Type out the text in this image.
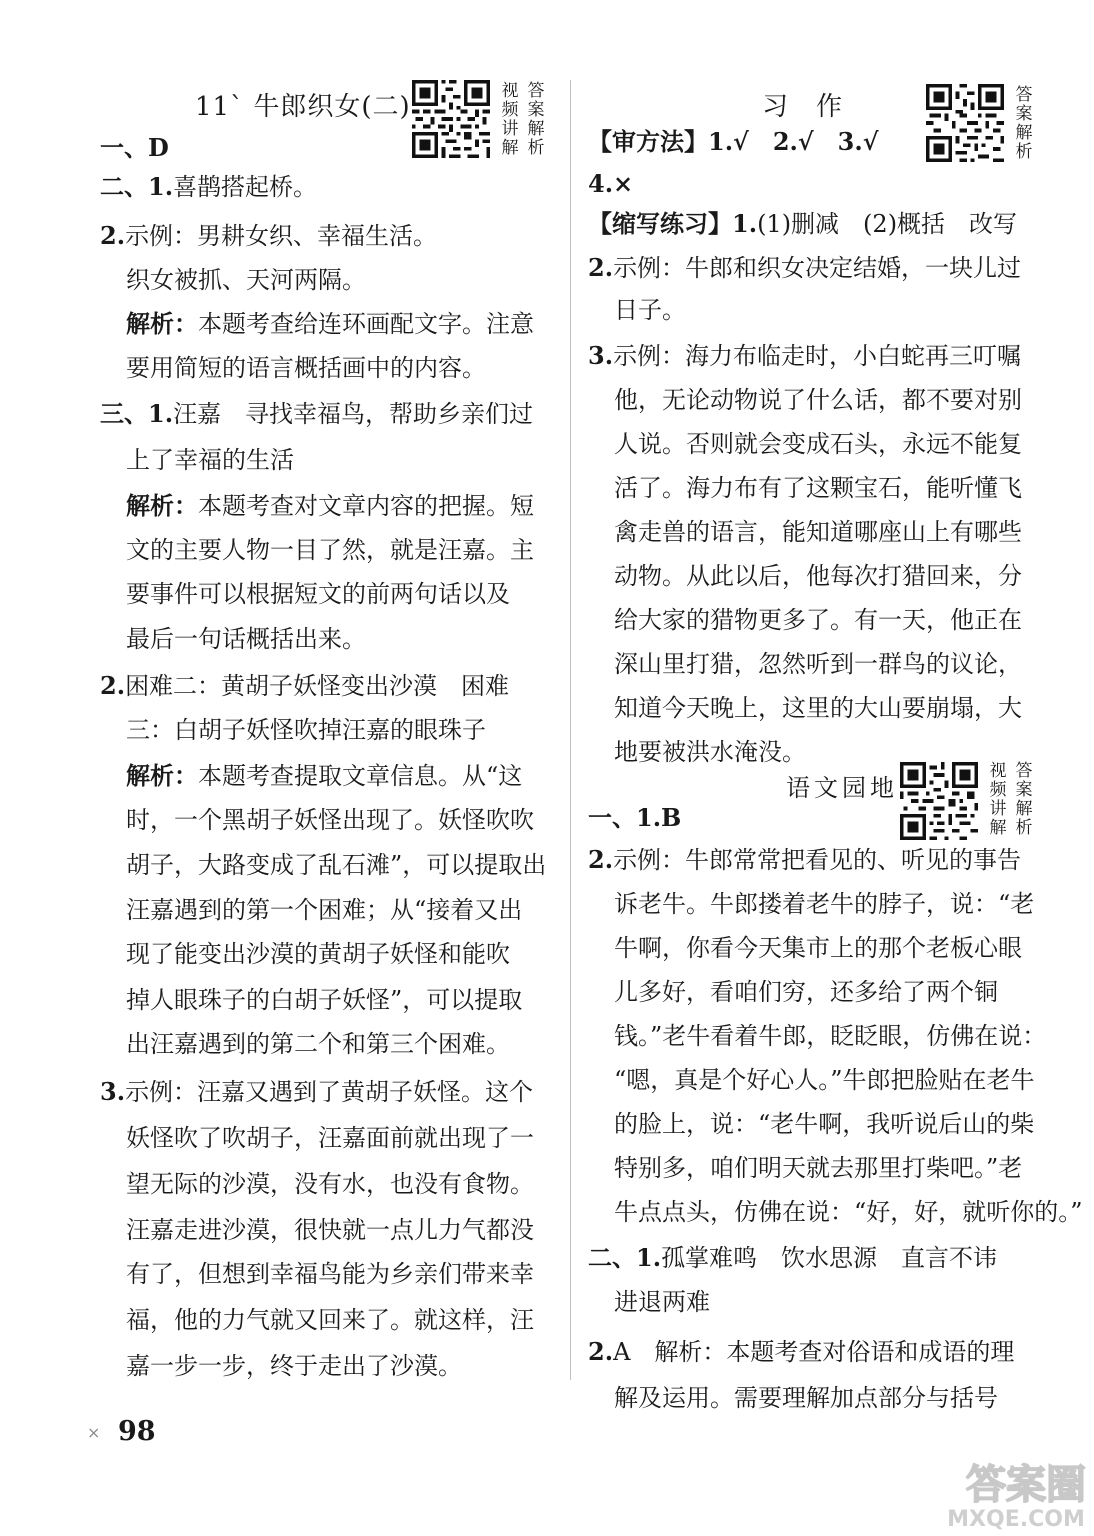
11` 牛郎织女(二)
视频讲解
答案解析
一、D
二、1.喜鹊搭起桥。
2.示例：男耕女织、幸福生活。
织女被抓、天河两隔。
解析：本题考查给连环画配文字。注意
要用简短的语言概括画中的内容。
三、1.汪嘉　寻找幸福鸟，帮助乡亲们过
上了幸福的生活
解析：本题考查对文章内容的把握。短
文的主要人物一目了然，就是汪嘉。主
要事件可以根据短文的前两句话以及
最后一句话概括出来。
2.困难二：黄胡子妖怪变出沙漠　困难
三：白胡子妖怪吹掉汪嘉的眼珠子
解析：本题考查提取文章信息。从“这
时，一个黑胡子妖怪出现了。妖怪吹吹
胡子，大路变成了乱石滩”，可以提取出
汪嘉遇到的第一个困难；从“接着又出
现了能变出沙漠的黄胡子妖怪和能吹
掉人眼珠子的白胡子妖怪”，可以提取
出汪嘉遇到的第二个和第三个困难。
3.示例：汪嘉又遇到了黄胡子妖怪。这个
妖怪吹了吹胡子，汪嘉面前就出现了一
望无际的沙漠，没有水，也没有食物。
汪嘉走进沙漠，很快就一点儿力气都没
有了，但想到幸福鸟能为乡亲们带来幸
福，他的力气就又回来了。就这样，汪
嘉一步一步，终于走出了沙漠。
习　作	答案解析
【审方法】1.√　2.√　3.√
4.×
【缩写练习】1.(1)删减　(2)概括　改写
2.示例：牛郎和织女决定结婚，一块儿过
日子。
3.示例：海力布临走时，小白蛇再三叮嘱
他，无论动物说了什么话，都不要对别
人说。否则就会变成石头，永远不能复
活了。海力布有了这颗宝石，能听懂飞
禽走兽的语言，能知道哪座山上有哪些
动物。从此以后，他每次打猎回来，分
给大家的猎物更多了。有一天，他正在
深山里打猎，忽然听到一群鸟的议论，
知道今天晚上，这里的大山要崩塌，大
地要被洪水淹没。
语文园地
视频讲解
答案解析
一、1.B
2.示例：牛郎常常把看见的、听见的事告
诉老牛。牛郎搂着老牛的脖子，说：“老
牛啊，你看今天集市上的那个老板心眼
儿多好，看咱们穷，还多给了两个铜
钱。”老牛看着牛郎，眨眨眼，仿佛在说：
“嗯，真是个好心人。”牛郎把脸贴在老牛
的脸上，说：“老牛啊，我听说后山的柴
特别多，咱们明天就去那里打柴吧。”老
牛点点头，仿佛在说：“好，好，就听你的。”
二、1.孤掌难鸣　饮水思源　直言不讳
进退两难
2.A　解析：本题考查对俗语和成语的理
解及运用。需要理解加点部分与括号
× 98
答案圈
MXQE.COM
